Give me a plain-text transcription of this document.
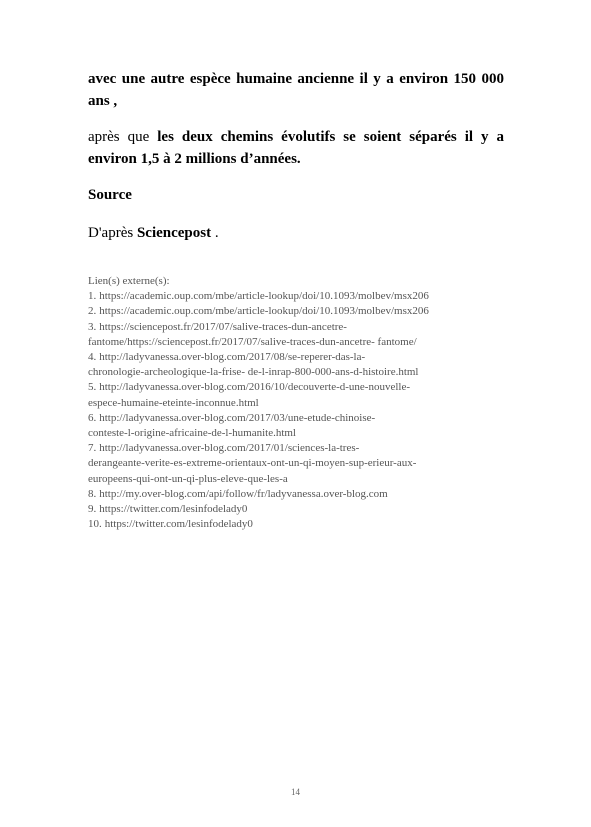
avec une autre espèce humaine ancienne il y a environ 150 000 ans ,
après que les deux chemins évolutifs se soient séparés il y a environ 1,5 à 2 millions d’années.
Source
D'après Sciencepost .
Lien(s) externe(s):
1. https://academic.oup.com/mbe/article-lookup/doi/10.1093/molbev/msx206
2. https://academic.oup.com/mbe/article-lookup/doi/10.1093/molbev/msx206
3. https://sciencepost.fr/2017/07/salive-traces-dun-ancetre-
fantome/https://sciencepost.fr/2017/07/salive-traces-dun-ancetre- fantome/
4. http://ladyvanessa.over-blog.com/2017/08/se-reperer-das-la-
chronologie-archeologique-la-frise- de-l-inrap-800-000-ans-d-histoire.html
5. http://ladyvanessa.over-blog.com/2016/10/decouverte-d-une-nouvelle-
espece-humaine-eteinte-inconnue.html
6. http://ladyvanessa.over-blog.com/2017/03/une-etude-chinoise-
conteste-l-origine-africaine-de-l-humanite.html
7. http://ladyvanessa.over-blog.com/2017/01/sciences-la-tres-
derangeante-verite-es-extreme-orientaux-ont-un-qi-moyen-sup-erieur-aux-
europeens-qui-ont-un-qi-plus-eleve-que-les-a
8. http://my.over-blog.com/api/follow/fr/ladyvanessa.over-blog.com
9. https://twitter.com/lesinfodelady0
10. https://twitter.com/lesinfodelady0
14
